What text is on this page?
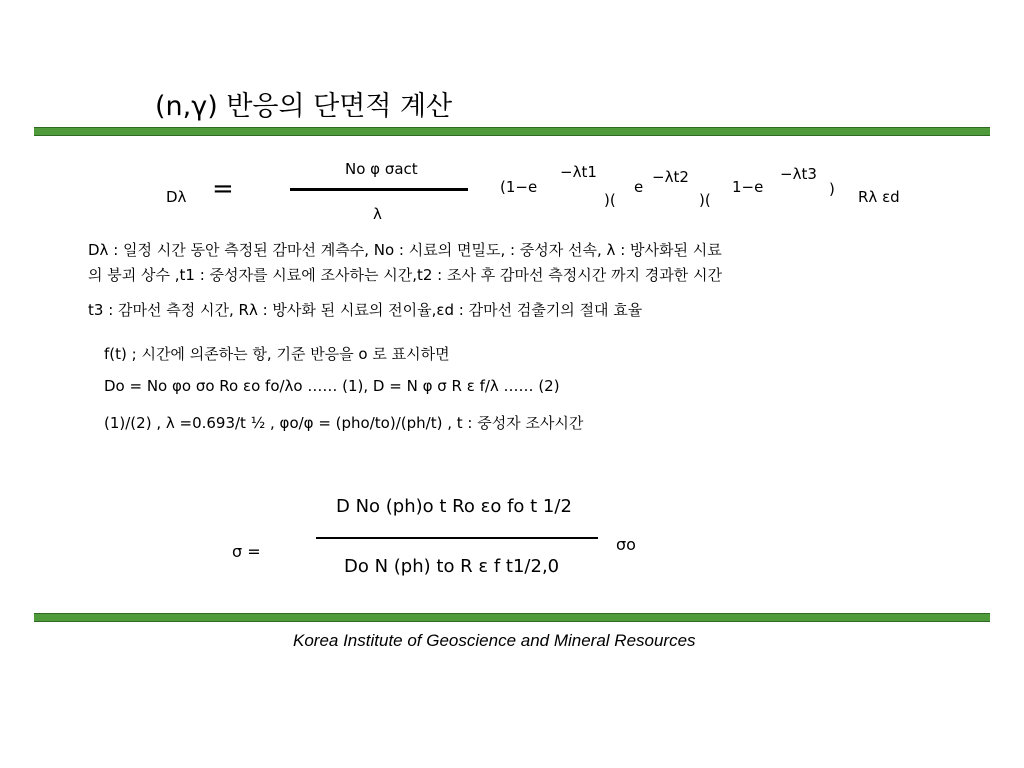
(n,γ) 반응의 단면적 계산
Dλ =
No φ σact
λ
(1−e
−λt1
)(
e
−λt2
)(
1−e
−λt3
) Rλ εd
Dλ : 일정 시간 동안 측정된 감마선 계측수, No : 시료의 면밀도, : 중성자 선속, λ : 방사화된 시료
의 붕괴 상수 ,t1 : 중성자를 시료에 조사하는 시간,t2 : 조사 후 감마선 측정시간 까지 경과한 시간
t3 : 감마선 측정 시간, Rλ : 방사화 된 시료의 전이율,εd : 감마선 검출기의 절대 효율
f(t) ; 시간에 의존하는 항, 기준 반응을 o 로 표시하면
Do = No φo σo Ro εo fo/λo …… (1), D = N φ σ R ε f/λ …… (2)
(1)/(2) , λ =0.693/t ½ , φo/φ = (pho/to)/(ph/t) , t : 중성자 조사시간
σ =
D No (ph)o t Ro εo fo t 1/2
Do N (ph) to R ε f t1/2,0
σo
Korea Institute of Geoscience and Mineral Resources
